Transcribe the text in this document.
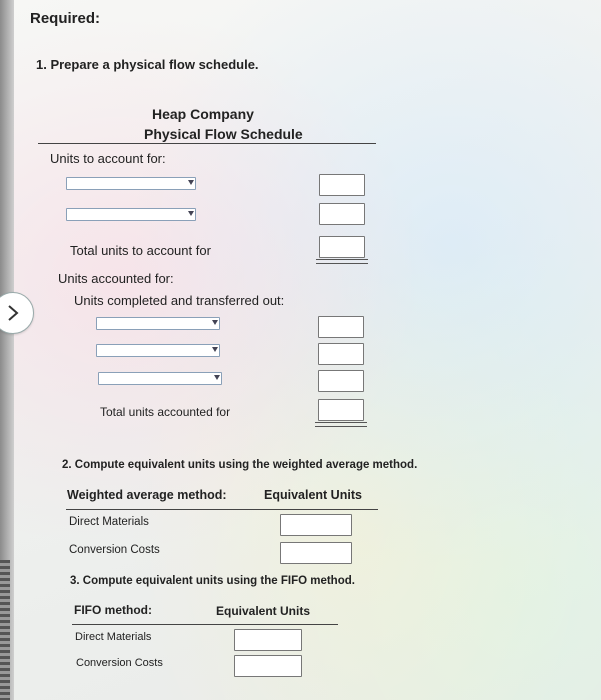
Required:
1. Prepare a physical flow schedule.
Heap Company
Physical Flow Schedule
Units to account for:
Total units to account for
Units accounted for:
Units completed and transferred out:
Total units accounted for
2. Compute equivalent units using the weighted average method.
Weighted average method:	Equivalent Units
Direct Materials
Conversion Costs
3. Compute equivalent units using the FIFO method.
FIFO method:	Equivalent Units
Direct Materials
Conversion Costs
